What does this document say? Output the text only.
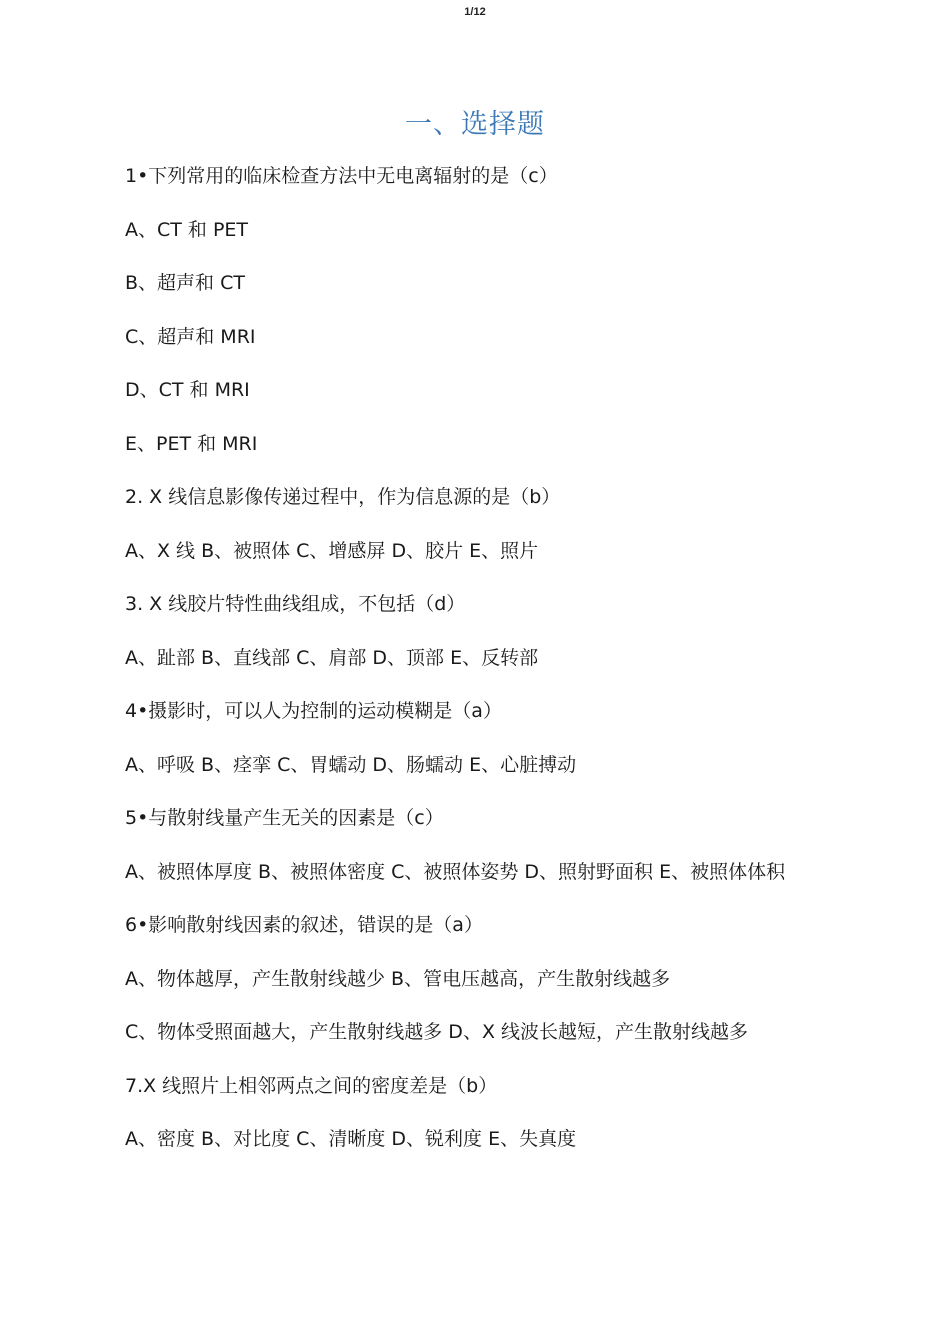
1/12
一、选择题

1•下列常用的临床检查方法中无电离辐射的是（c）

A、CT 和 PET

B、超声和 CT

C、超声和 MRI

D、CT 和 MRI

E、PET 和 MRI

2. X 线信息影像传递过程中，作为信息源的是（b）

A、X 线 B、被照体 C、增感屏 D、胶片 E、照片

3. X 线胶片特性曲线组成，不包括（d）

A、趾部 B、直线部 C、肩部 D、顶部 E、反转部

4•摄影时，可以人为控制的运动模糊是（a）

A、呼吸 B、痉挛 C、胃蠕动 D、肠蠕动 E、心脏搏动

5•与散射线量产生无关的因素是（c）

A、被照体厚度 B、被照体密度 C、被照体姿势 D、照射野面积 E、被照体体积

6•影响散射线因素的叙述，错误的是（a）

A、物体越厚，产生散射线越少 B、管电压越高，产生散射线越多

C、物体受照面越大，产生散射线越多 D、X 线波长越短，产生散射线越多

7.X 线照片上相邻两点之间的密度差是（b）

A、密度 B、对比度 C、清晰度 D、锐利度 E、失真度
